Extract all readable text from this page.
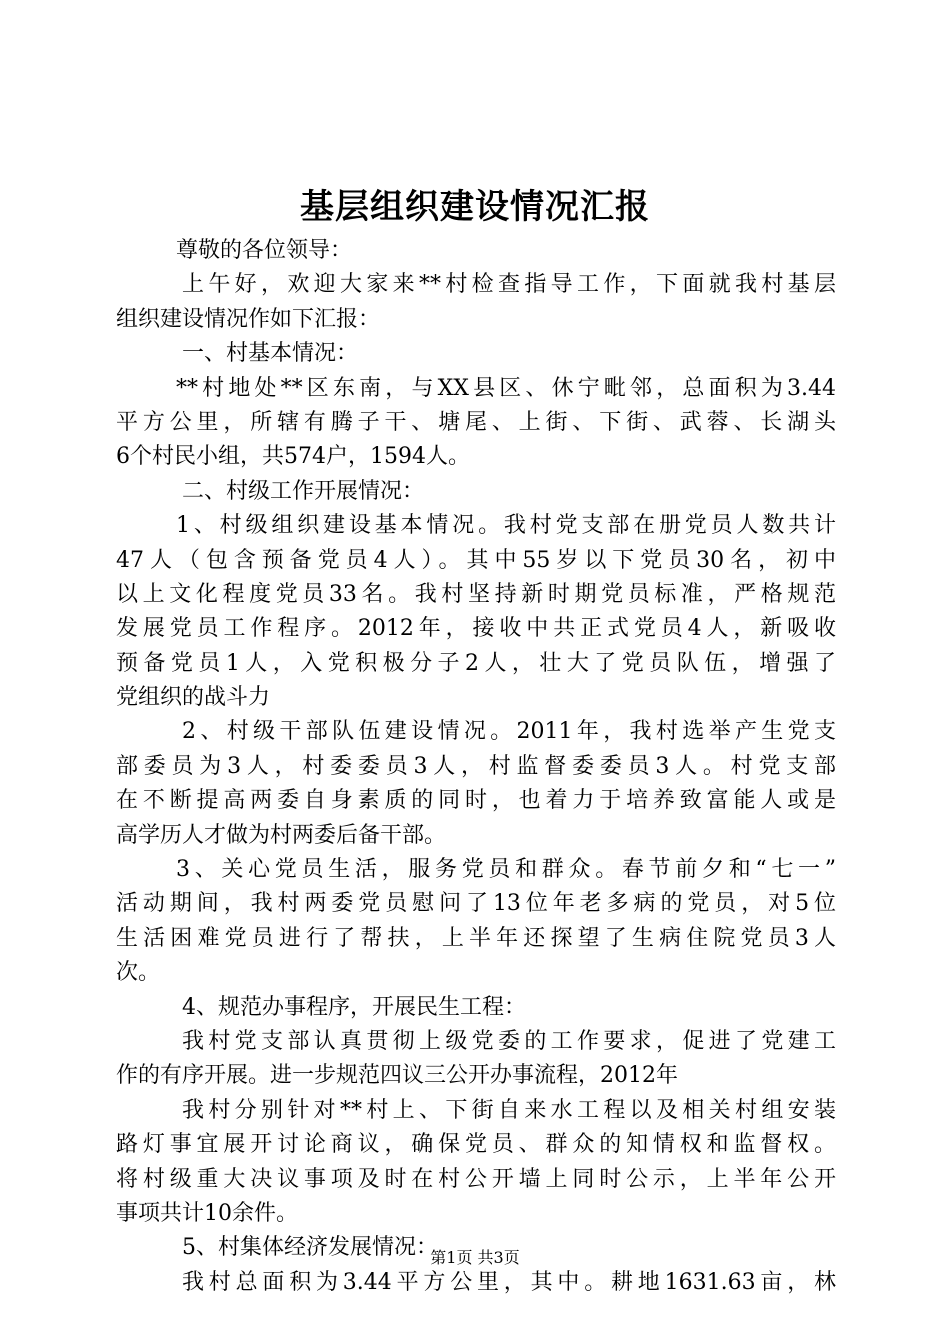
基层组织建设情况汇报
尊敬的各位领导：
上午好，欢迎大家来**村检查指导工作，下面就我村基层
组织建设情况作如下汇报：
一、村基本情况：
**村地处**区东南，与XX县区、休宁毗邻，总面积为3.44
平方公里，所辖有腾子干、塘尾、上街、下街、武蓉、长湖头
6个村民小组，共574户，1594人。
二、村级工作开展情况：
1、村级组织建设基本情况。我村党支部在册党员人数共计
47人（包含预备党员4人）。其中55岁以下党员30名，初中
以上文化程度党员33名。我村坚持新时期党员标准，严格规范
发展党员工作程序。2012年，接收中共正式党员4人，新吸收
预备党员1人，入党积极分子2人，壮大了党员队伍，增强了
党组织的战斗力
2、村级干部队伍建设情况。2011年，我村选举产生党支
部委员为3人，村委委员3人，村监督委委员3人。村党支部
在不断提高两委自身素质的同时，也着力于培养致富能人或是
高学历人才做为村两委后备干部。
3、关心党员生活，服务党员和群众。春节前夕和“七一”
活动期间，我村两委党员慰问了13位年老多病的党员，对5位
生活困难党员进行了帮扶，上半年还探望了生病住院党员3人
次。
4、规范办事程序，开展民生工程：
我村党支部认真贯彻上级党委的工作要求，促进了党建工
作的有序开展。进一步规范四议三公开办事流程，2012年
我村分别针对**村上、下街自来水工程以及相关村组安装
路灯事宜展开讨论商议，确保党员、群众的知情权和监督权。
将村级重大决议事项及时在村公开墙上同时公示，上半年公开
事项共计10余件。
5、村集体经济发展情况：
我村总面积为3.44平方公里，其中。耕地1631.63亩，林
第1页 共3页
